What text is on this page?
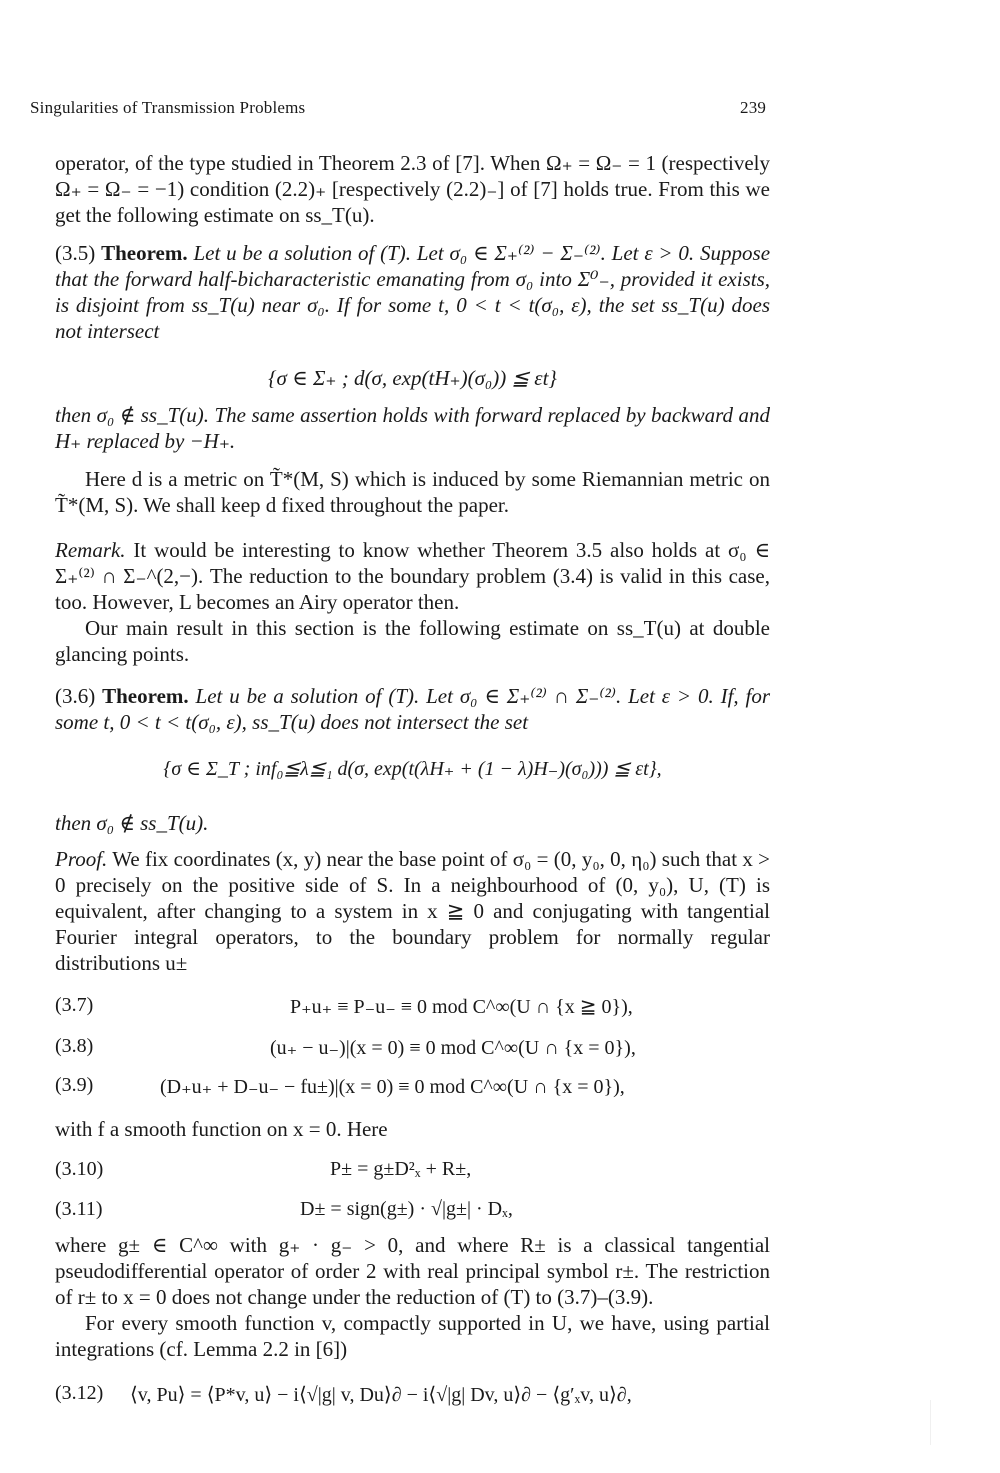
Singularities of Transmission Problems	239

operator, of the type studied in Theorem 2.3 of [7]. When Ω₊ = Ω₋ = 1 (respectively Ω₊ = Ω₋ = −1) condition (2.2)₊ [respectively (2.2)₋] of [7] holds true. From this we get the following estimate on ss_T(u).

(3.5) Theorem. Let u be a solution of (T). Let σ₀ ∈ Σ₊⁽²⁾ − Σ₋⁽²⁾. Let ε > 0. Suppose that the forward half-bicharacteristic emanating from σ₀ into Σ⁰₋, provided it exists, is disjoint from ss_T(u) near σ₀. If for some t, 0 < t < t(σ₀, ε), the set ss_T(u) does not intersect

{σ ∈ Σ₊ ; d(σ, exp(tH₊)(σ₀)) ≦ εt}
then σ₀ ∉ ss_T(u). The same assertion holds with forward replaced by backward and H₊ replaced by −H₊.
Here d is a metric on T̃*(M, S) which is induced by some Riemannian metric on T̃*(M, S). We shall keep d fixed throughout the paper.

Remark. It would be interesting to know whether Theorem 3.5 also holds at σ₀ ∈ Σ₊⁽²⁾ ∩ Σ₋^(2,−). The reduction to the boundary problem (3.4) is valid in this case, too. However, L becomes an Airy operator then.

Our main result in this section is the following estimate on ss_T(u) at double glancing points.

(3.6) Theorem. Let u be a solution of (T). Let σ₀ ∈ Σ₊⁽²⁾ ∩ Σ₋⁽²⁾. Let ε > 0. If, for some t, 0 < t < t(σ₀, ε), ss_T(u) does not intersect the set

{σ ∈ Σ_T ; inf₀≦λ≦₁ d(σ, exp(t(λH₊ + (1 − λ)H₋)(σ₀))) ≦ εt},
then σ₀ ∉ ss_T(u).

Proof. We fix coordinates (x, y) near the base point of σ₀ = (0, y₀, 0, η₀) such that x > 0 precisely on the positive side of S. In a neighbourhood of (0, y₀), U, (T) is equivalent, after changing to a system in x ≧ 0 and conjugating with tangential Fourier integral operators, to the boundary problem for normally regular distributions u±

(3.7)	P₊u₊ ≡ P₋u₋ ≡ 0 mod C^∞(U ∩ {x ≧ 0}),
(3.8)	(u₊ − u₋)|(x = 0) ≡ 0 mod C^∞(U ∩ {x = 0}),
(3.9)	(D₊u₊ + D₋u₋ − fu±)|(x = 0) ≡ 0 mod C^∞(U ∩ {x = 0}),
with f a smooth function on x = 0. Here
(3.10)	P± = g±D²ₓ + R±,
(3.11)	D± = sign(g±) · √|g±| · Dₓ,
where g± ∈ C^∞ with g₊ · g₋ > 0, and where R± is a classical tangential pseudodifferential operator of order 2 with real principal symbol r±. The restriction of r± to x = 0 does not change under the reduction of (T) to (3.7)–(3.9).
For every smooth function v, compactly supported in U, we have, using partial integrations (cf. Lemma 2.2 in [6])
(3.12) ⟨v, Pu⟩ = ⟨P*v, u⟩ − i⟨√|g| v, Du⟩∂ − i⟨√|g| Dv, u⟩∂ − ⟨g′ₓv, u⟩∂,
